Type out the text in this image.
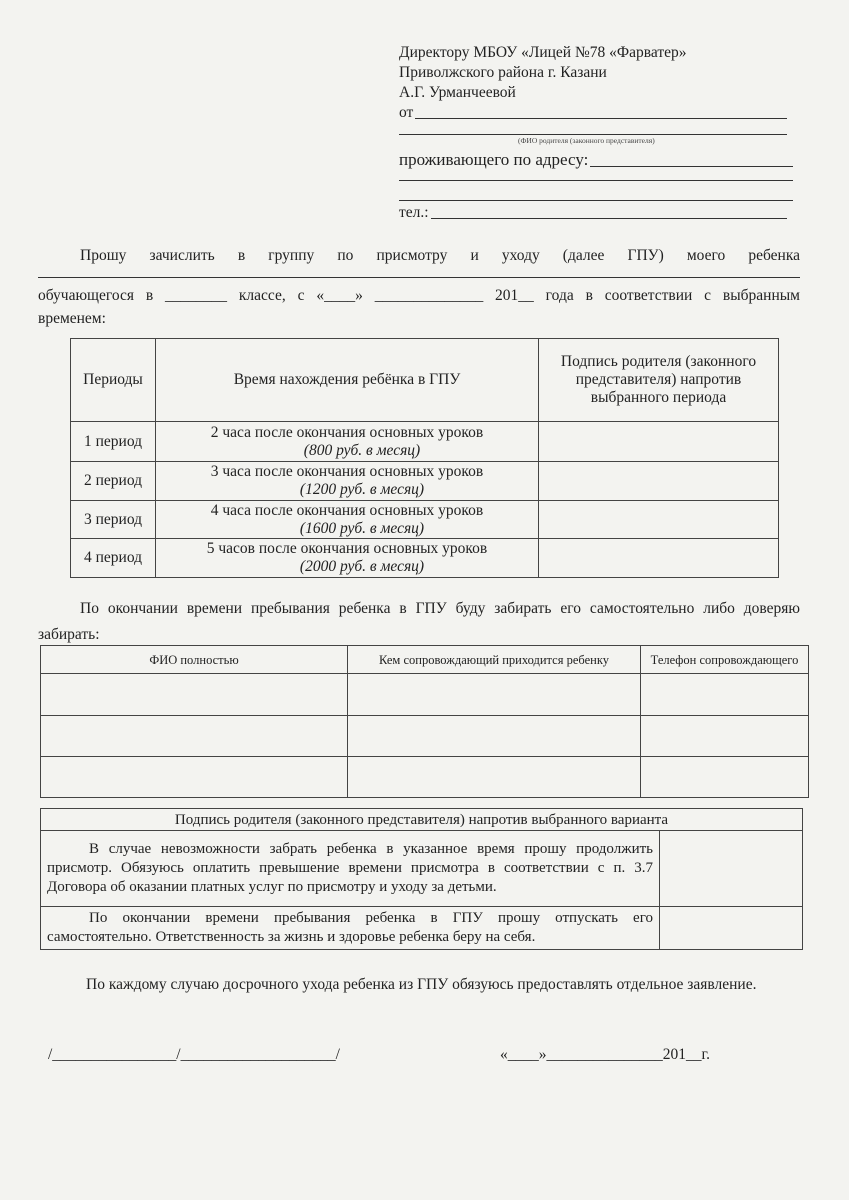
Директору МБОУ «Лицей №78 «Фарватер»
Приволжского района г. Казани
А.Г. Урманчеевой
от
(ФИО родителя (законного представителя)
проживающего по адресу:
тел.:
Прошу зачислить в группу по присмотру и уходу (далее ГПУ) моего ребенка
обучающегося в ________ классе, с «____» ______________ 201__ года в соответствии с выбранным
временем:
Периоды	Время нахождения ребёнка в ГПУ	Подпись родителя (законного представителя) напротив выбранного периода
1 период	2 часа после окончания основных уроков
(800 руб. в месяц)	

2 период	3 часа после окончания основных уроков
(1200 руб. в месяц)	

3 период	4 часа после окончания основных уроков
(1600 руб. в месяц)	

4 период	5 часов после окончания основных уроков
(2000 руб. в месяц)	

По окончании времени пребывания ребенка в ГПУ буду забирать его самостоятельно либо доверяю забирать:
ФИО полностью	Кем сопровождающий приходится ребенку	Телефон сопровождающего

Подпись родителя (законного представителя) напротив выбранного варианта	
В случае невозможности забрать ребенка в указанное время прошу продолжить присмотр. Обязуюсь оплатить превышение времени присмотра в соответствии с п. 3.7 Договора об оказании платных услуг по присмотру и уходу за детьми.	
По окончании времени пребывания ребенка в ГПУ прошу отпускать его самостоятельно. Ответственность за жизнь и здоровье ребенка беру на себя.	
По каждому случаю досрочного ухода ребенка из ГПУ обязуюсь предоставлять отдельное заявление.
/________________/____________________/	«____»_______________201__г.
